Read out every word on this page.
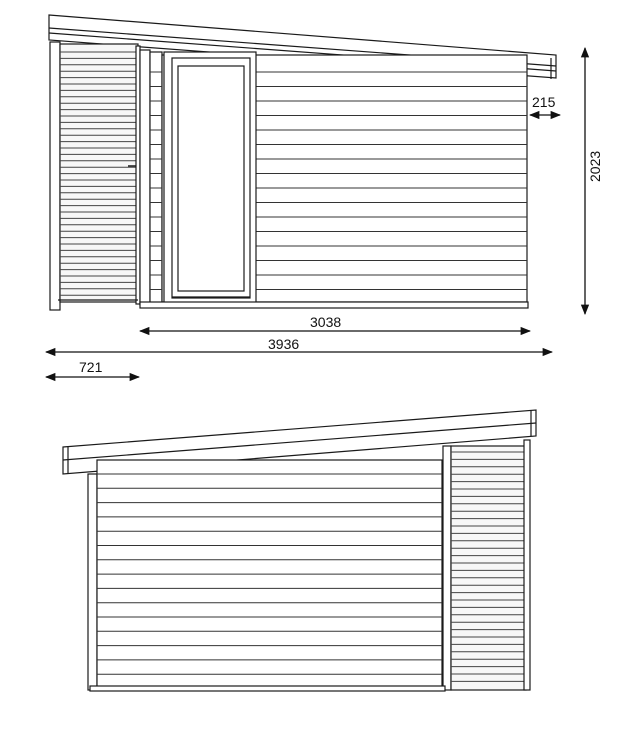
215
2023
3038
3936
721
